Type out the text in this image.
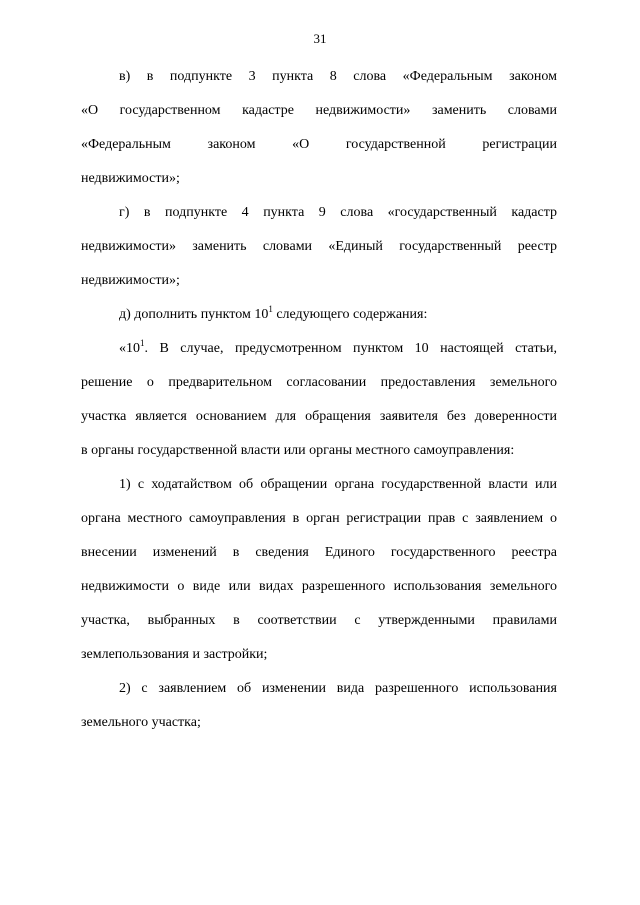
31
в) в подпункте 3 пункта 8 слова «Федеральным законом
«О государственном кадастре недвижимости» заменить словами
«Федеральным законом «О государственной регистрации
недвижимости»;
г) в подпункте 4 пункта 9 слова «государственный кадастр
недвижимости» заменить словами «Единый государственный реестр
недвижимости»;

д) дополнить пунктом $10^1$ следующего содержания:

«$10^1$. В случае, предусмотренном пунктом 10 настоящей статьи,
решение о предварительном согласовании предоставления земельного
участка является основанием для обращения заявителя без доверенности
в органы государственной власти или органы местного самоуправления:
1) с ходатайством об обращении органа государственной власти или
органа местного самоуправления в орган регистрации прав с заявлением о
внесении изменений в сведения Единого государственного реестра
недвижимости о виде или видах разрешенного использования земельного
участка, выбранных в соответствии с утвержденными правилами
землепользования и застройки;
2) с заявлением об изменении вида разрешенного использования
земельного участка;
